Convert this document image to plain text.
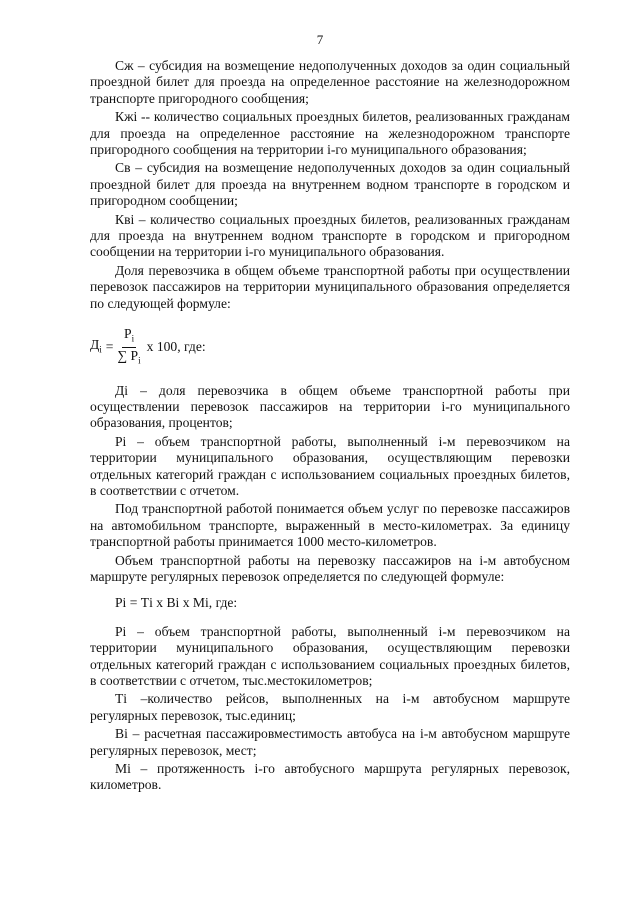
7

Сж – субсидия на возмещение недополученных доходов за один социальный проездной билет для проезда на определенное расстояние на железнодорожном транспорте пригородного сообщения;

Кжi -- количество социальных проездных билетов, реализованных гражданам для проезда на определенное расстояние на железнодорожном транспорте пригородного сообщения на территории i-го муниципального образования;

Св – субсидия на возмещение недополученных доходов за один социальный проездной билет для проезда на внутреннем водном транспорте в городском и пригородном сообщении;

Кві – количество социальных проездных билетов, реализованных гражданам для проезда на внутреннем водном транспорте в городском и пригородном сообщении на территории i-го муниципального образования.

Доля перевозчика в общем объеме транспортной работы при осуществлении перевозок пассажиров на территории муниципального образования определяется по следующей формуле:

$Д_i = \frac{Р_i}{\sum Р_i}$ x 100, где:

Дi – доля перевозчика в общем объеме транспортной работы при осуществлении перевозок пассажиров на территории i-го муниципального образования, процентов;

Рi – объем транспортной работы, выполненный i-м перевозчиком на территории муниципального образования, осуществляющим перевозки отдельных категорий граждан с использованием социальных проездных билетов, в соответствии с отчетом.

Под транспортной работой понимается объем услуг по перевозке пассажиров на автомобильном транспорте, выраженный в место-километрах. За единицу транспортной работы принимается 1000 место-километров.

Объем транспортной работы на перевозку пассажиров на i-м автобусном маршруте регулярных перевозок определяется по следующей формуле:

Рi = Тi x Вi x Мi, где:

Рi – объем транспортной работы, выполненный i-м перевозчиком на территории муниципального образования, осуществляющим перевозки отдельных категорий граждан с использованием социальных проездных билетов, в соответствии с отчетом, тыс.местокилометров;

Тi –количество рейсов, выполненных на i-м автобусном маршруте регулярных перевозок, тыс.единиц;

Вi – расчетная пассажировместимость автобуса на i-м автобусном маршруте регулярных перевозок, мест;

Мi – протяженность i-го автобусного маршрута регулярных перевозок, километров.
